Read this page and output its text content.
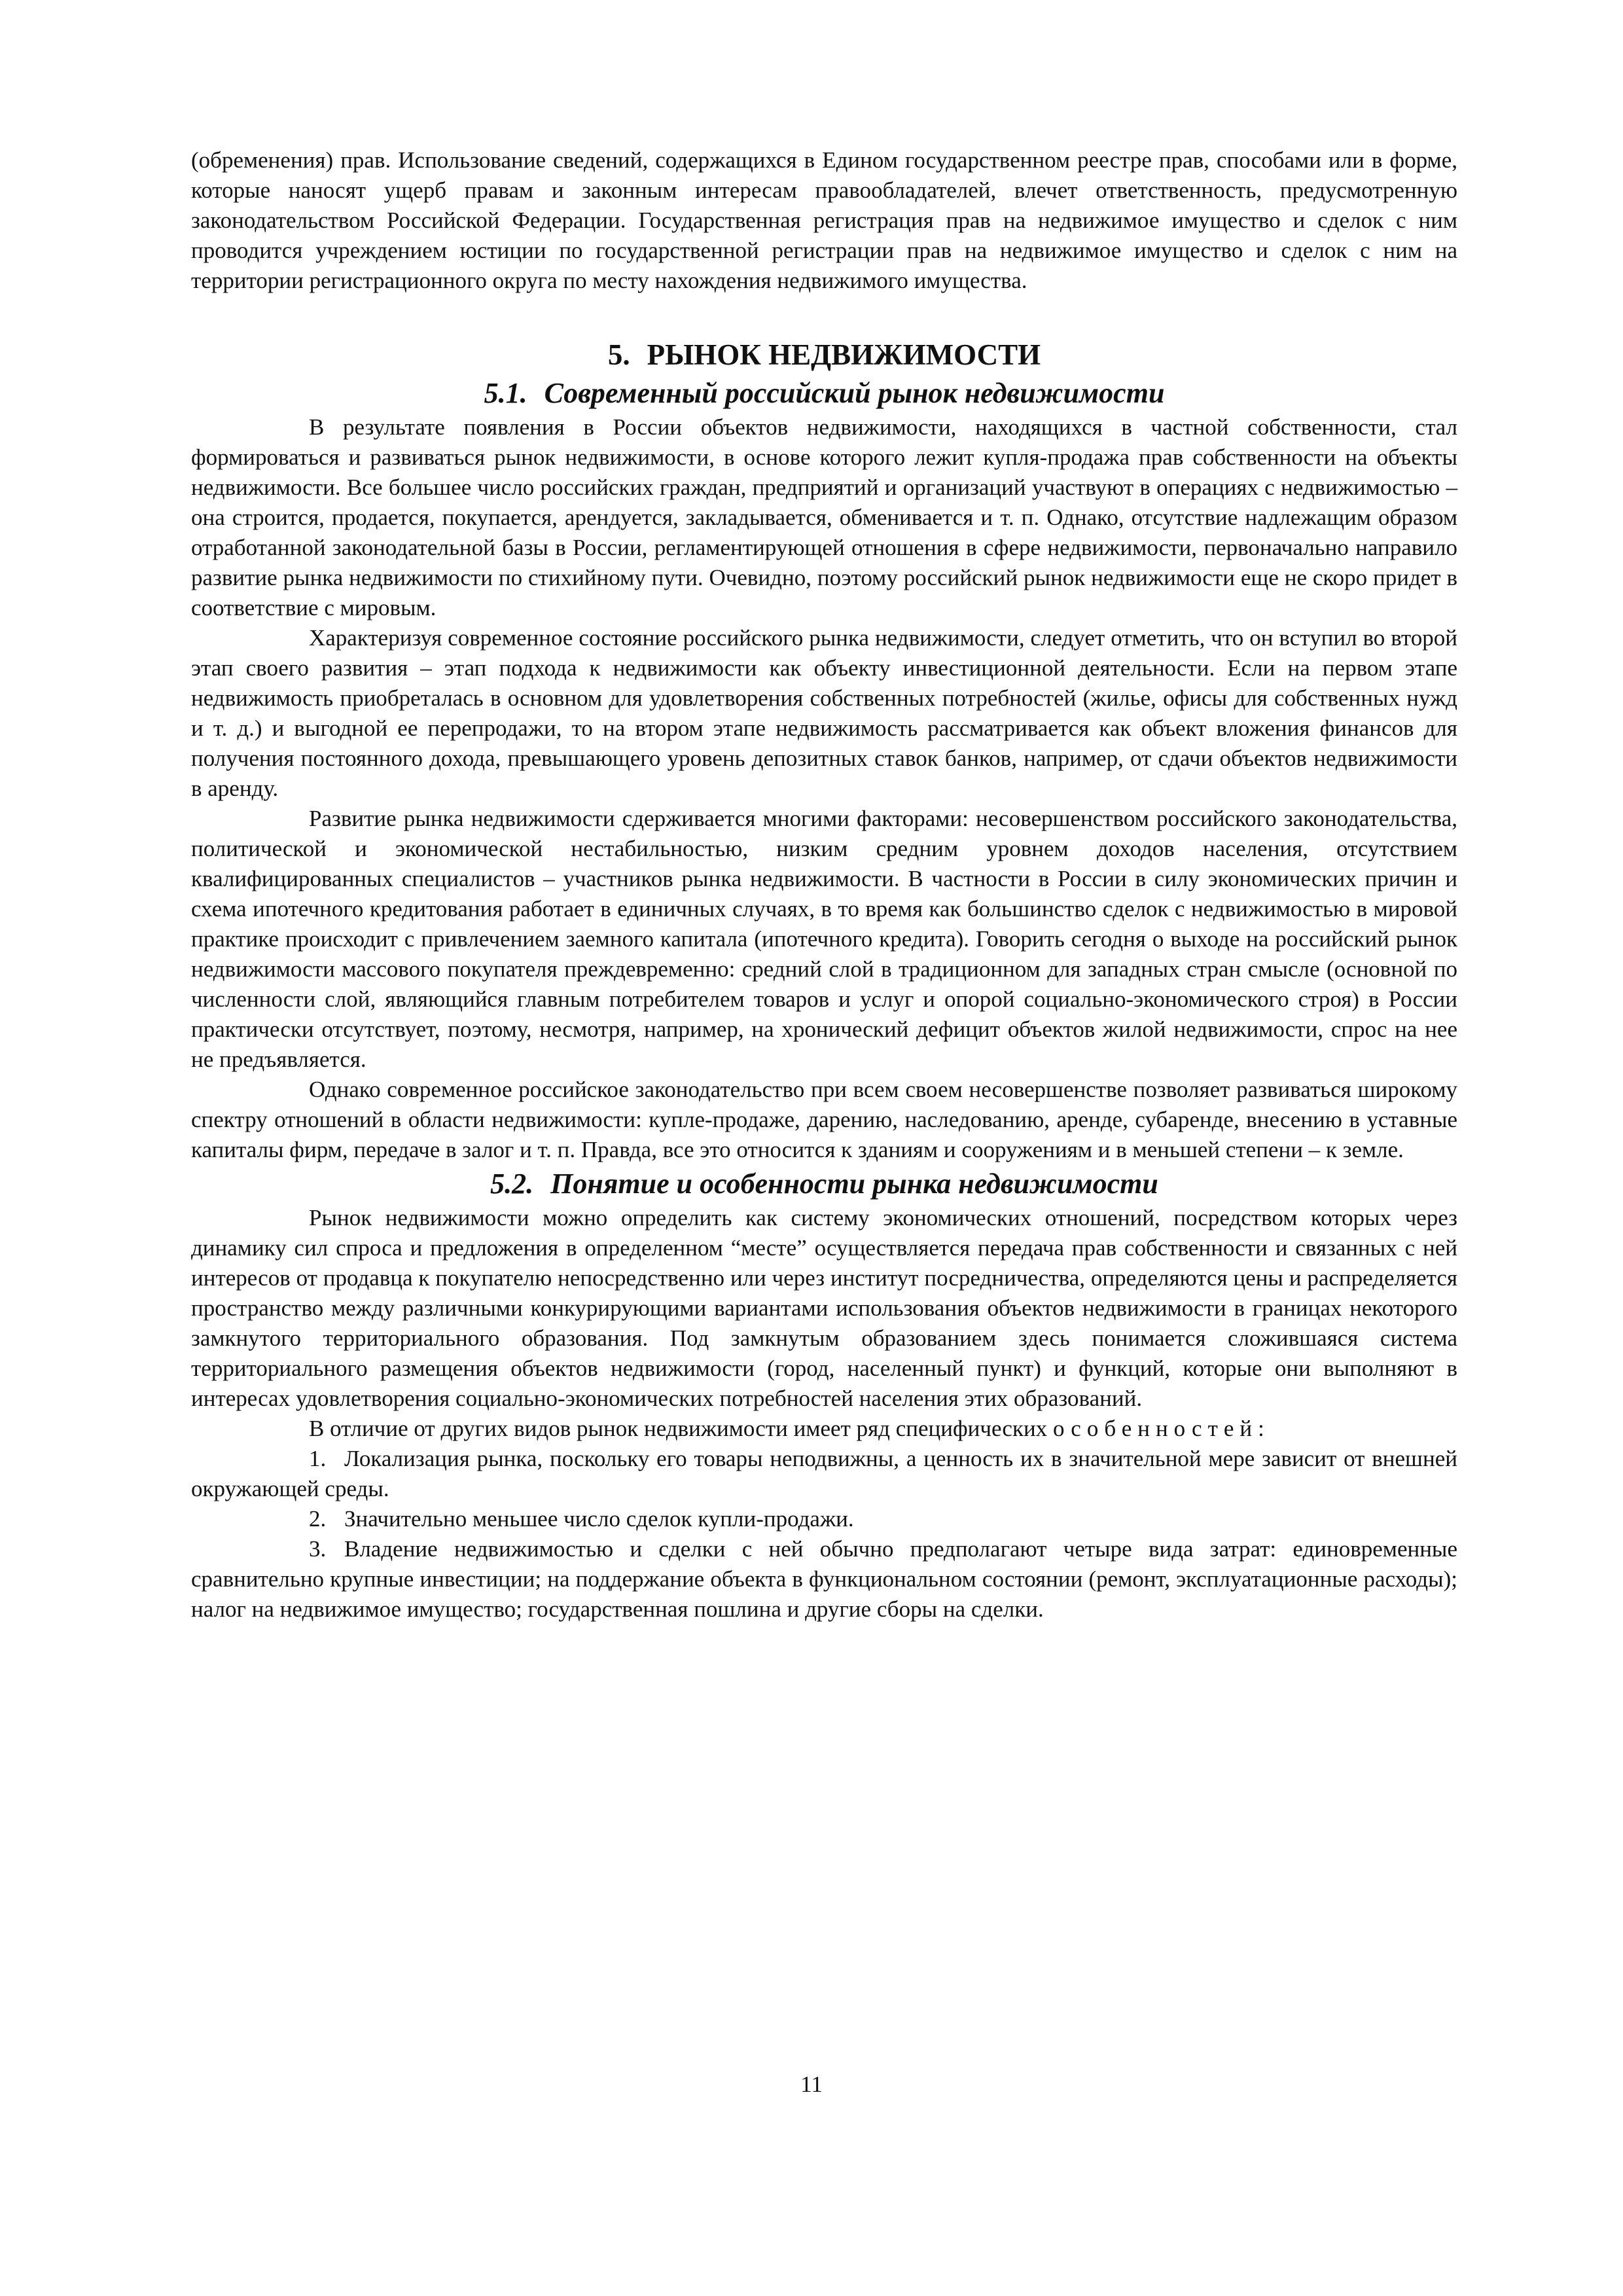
(обременения) прав. Использование сведений, содержащихся в Едином государственном реестре прав, способами или в форме, которые наносят ущерб правам и законным интересам правообладателей, влечет ответственность, предусмотренную законодательством Российской Федерации. Государственная регистрация прав на недвижимое имущество и сделок с ним проводится учреждением юстиции по государственной регистрации прав на недвижимое имущество и сделок с ним на территории регистрационного округа по месту нахождения недвижимого имущества.

5. РЫНОК НЕДВИЖИМОСТИ
5.1. Современный российский рынок недвижимости

В результате появления в России объектов недвижимости, находящихся в частной собственности, стал формироваться и развиваться рынок недвижимости, в основе которого лежит купля-продажа прав собственности на объекты недвижимости. Все большее число российских граждан, предприятий и организаций участвуют в операциях с недвижимостью – она строится, продается, покупается, арендуется, закладывается, обменивается и т. п. Однако, отсутствие надлежащим образом отработанной законодательной базы в России, регламентирующей отношения в сфере недвижимости, первоначально направило развитие рынка недвижимости по стихийному пути. Очевидно, поэтому российский рынок недвижимости еще не скоро придет в соответствие с мировым.

Характеризуя современное состояние российского рынка недвижимости, следует отметить, что он вступил во второй этап своего развития – этап подхода к недвижимости как объекту инвестиционной деятельности. Если на первом этапе недвижимость приобреталась в основном для удовлетворения собственных потребностей (жилье, офисы для собственных нужд и т. д.) и выгодной ее перепродажи, то на втором этапе недвижимость рассматривается как объект вложения финансов для получения постоянного дохода, превышающего уровень депозитных ставок банков, например, от сдачи объектов недвижимости в аренду.

Развитие рынка недвижимости сдерживается многими факторами: несовершенством российского законодательства, политической и экономической нестабильностью, низким средним уровнем доходов населения, отсутствием квалифицированных специалистов – участников рынка недвижимости. В частности в России в силу экономических причин и схема ипотечного кредитования работает в единичных случаях, в то время как большинство сделок с недвижимостью в мировой практике происходит с привлечением заемного капитала (ипотечного кредита). Говорить сегодня о выходе на российский рынок недвижимости массового покупателя преждевременно: средний слой в традиционном для западных стран смысле (основной по численности слой, являющийся главным потребителем товаров и услуг и опорой социально-экономического строя) в России практически отсутствует, поэтому, несмотря, например, на хронический дефицит объектов жилой недвижимости, спрос на нее не предъявляется.

Однако современное российское законодательство при всем своем несовершенстве позволяет развиваться широкому спектру отношений в области недвижимости: купле-продаже, дарению, наследованию, аренде, субаренде, внесению в уставные капиталы фирм, передаче в залог и т. п. Правда, все это относится к зданиям и сооружениям и в меньшей степени – к земле.

5.2. Понятие и особенности рынка недвижимости

Рынок недвижимости можно определить как систему экономических отношений, посредством которых через динамику сил спроса и предложения в определенном “месте” осуществляется передача прав собственности и связанных с ней интересов от продавца к покупателю непосредственно или через институт посредничества, определяются цены и распределяется пространство между различными конкурирующими вариантами использования объектов недвижимости в границах некоторого замкнутого территориального образования. Под замкнутым образованием здесь понимается сложившаяся система территориального размещения объектов недвижимости (город, населенный пункт) и функций, которые они выполняют в интересах удовлетворения социально-экономических потребностей населения этих образований.

В отличие от других видов рынок недвижимости имеет ряд специфических особенностей:

1. Локализация рынка, поскольку его товары неподвижны, а ценность их в значительной мере зависит от внешней окружающей среды.

2. Значительно меньшее число сделок купли-продажи.

3. Владение недвижимостью и сделки с ней обычно предполагают четыре вида затрат: единовременные сравнительно крупные инвестиции; на поддержание объекта в функциональном состоянии (ремонт, эксплуатационные расходы); налог на недвижимое имущество; государственная пошлина и другие сборы на сделки.

11
